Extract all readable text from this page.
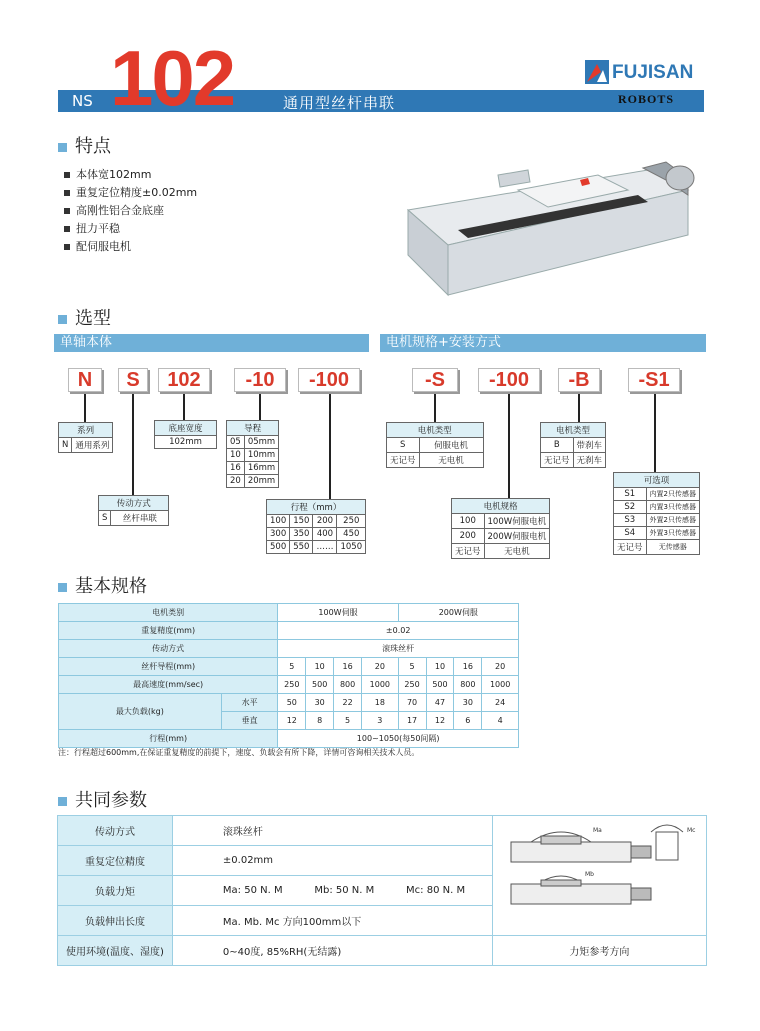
NS 102	通用型丝杆串联
FUJISAN
ROBOTS
特点
本体宽102mm
重复定位精度±0.02mm
高刚性铝合金底座
扭力平稳
配伺服电机
选型
单轴本体	电机规格+安装方式
N	S	102	-10	-100	-S	-100	-B	-S1
系列
N	通用系列
传动方式
S	丝杆串联
底座宽度
102mm
导程	
05	05mm
10	10mm
16	16mm
20	20mm
行程（mm）			
100	150	200	250
300	350	400	450
500	550	……	1050
电机类型	
S	伺服电机
无记号	无电机
电机规格	
100	100W伺服电机
200	200W伺服电机
无记号	无电机
电机类型	
B	带刹车
无记号	无刹车
可选项	
S1	内置2只传感器
S2	内置3只传感器
S3	外置2只传感器
S4	外置3只传感器
无记号	无传感器
基本规格
电机类别		100W伺服				200W伺服			
重复精度(mm)		±0.02							
传动方式		滚珠丝杆							
丝杆导程(mm)		5	10	16	20	5	10	16	20
最高速度(mm/sec)		250	500	800	1000	250	500	800	1000
最大负载(kg)	水平	50	30	22	18	70	47	30	24
	垂直	12	8	5	3	17	12	6	4
行程(mm)		100~1050(每50间隔)							
注：行程超过600mm,在保证重复精度的前提下，速度、负载会有所下降，详情可咨询相关技术人员。
共同参数
传动方式	滚珠丝杆	Ma Mc
Mb

重复定位精度	±0.02mm	
负载力矩	Ma: 50 N. M          Mb: 50 N. M          Mc: 80 N. M	
负载伸出长度	Ma. Mb. Mc 方向100mm以下	
使用环境(温度、湿度)	0~40度, 85%RH(无结露)	力矩参考方向
